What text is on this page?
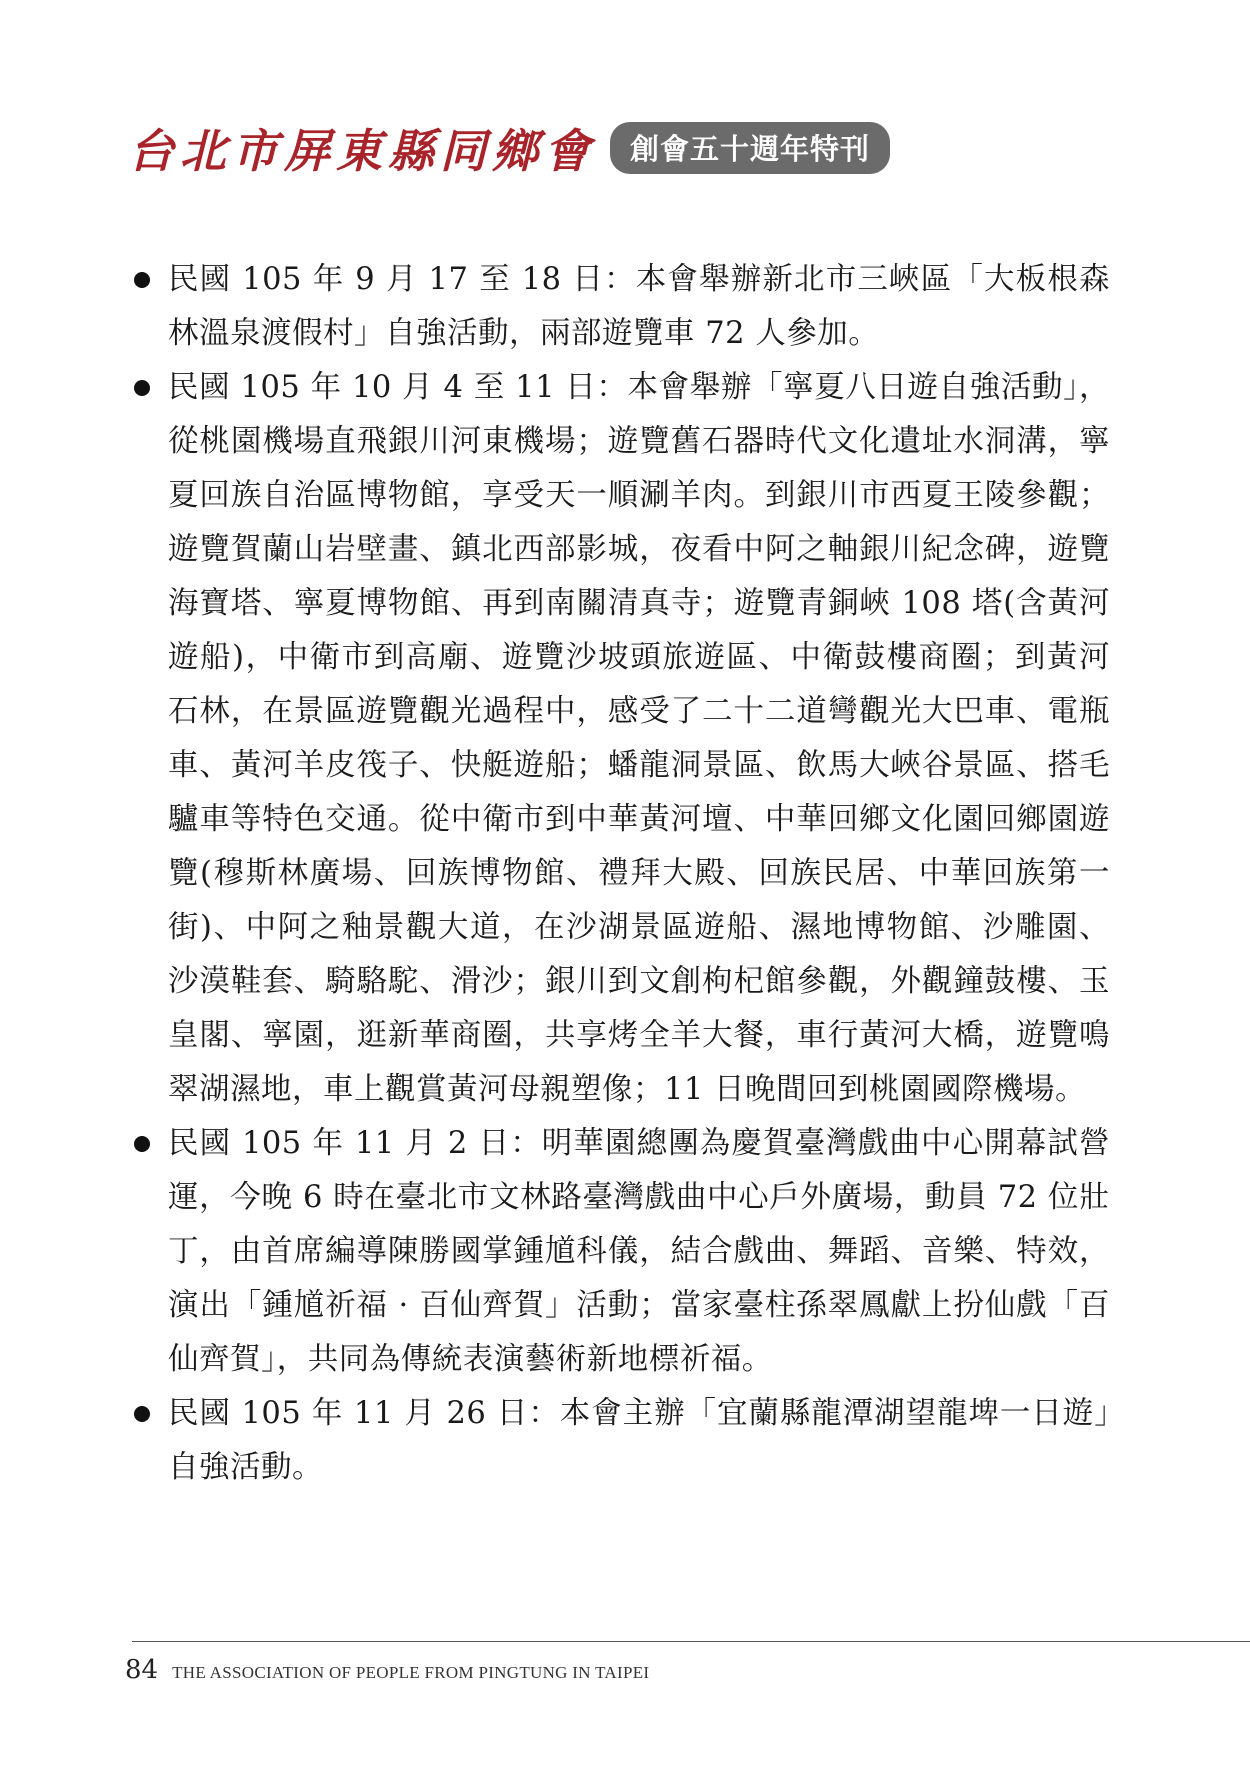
台北市屏東縣同鄉會	創會五十週年特刊
民國 105 年 9 月 17 至 18 日：本會舉辦新北市三峽區「大板根森林溫泉渡假村」自強活動，兩部遊覽車 72 人參加。
民國 105 年 10 月 4 至 11 日：本會舉辦「寧夏八日遊自強活動」，從桃園機場直飛銀川河東機場；遊覽舊石器時代文化遺址水洞溝，寧夏回族自治區博物館，享受天一順涮羊肉。到銀川市西夏王陵參觀；遊覽賀蘭山岩壁畫、鎮北西部影城，夜看中阿之軸銀川紀念碑，遊覽海寶塔、寧夏博物館、再到南關清真寺；遊覽青銅峽 108 塔(含黃河遊船)，中衛市到高廟、遊覽沙坡頭旅遊區、中衛鼓樓商圈；到黃河石林，在景區遊覽觀光過程中，感受了二十二道彎觀光大巴車、電瓶車、黃河羊皮筏子、快艇遊船；蟠龍洞景區、飲馬大峽谷景區、搭毛驢車等特色交通。從中衛市到中華黃河壇、中華回鄉文化園回鄉園遊覽(穆斯林廣場、回族博物館、禮拜大殿、回族民居、中華回族第一街)、中阿之釉景觀大道，在沙湖景區遊船、濕地博物館、沙雕園、沙漠鞋套、騎駱駝、滑沙；銀川到文創枸杞館參觀，外觀鐘鼓樓、玉皇閣、寧園，逛新華商圈，共享烤全羊大餐，車行黃河大橋，遊覽鳴翠湖濕地，車上觀賞黃河母親塑像；11 日晚間回到桃園國際機場。
民國 105 年 11 月 2 日：明華園總團為慶賀臺灣戲曲中心開幕試營運，今晚 6 時在臺北市文林路臺灣戲曲中心戶外廣場，動員 72 位壯丁，由首席編導陳勝國掌鍾馗科儀，結合戲曲、舞蹈、音樂、特效，演出「鍾馗祈福 · 百仙齊賀」活動；當家臺柱孫翠鳳獻上扮仙戲「百仙齊賀」，共同為傳統表演藝術新地標祈福。
民國 105 年 11 月 26 日：本會主辦「宜蘭縣龍潭湖望龍埤一日遊」自強活動。
84 THE ASSOCIATION OF PEOPLE FROM PINGTUNG IN TAIPEI
